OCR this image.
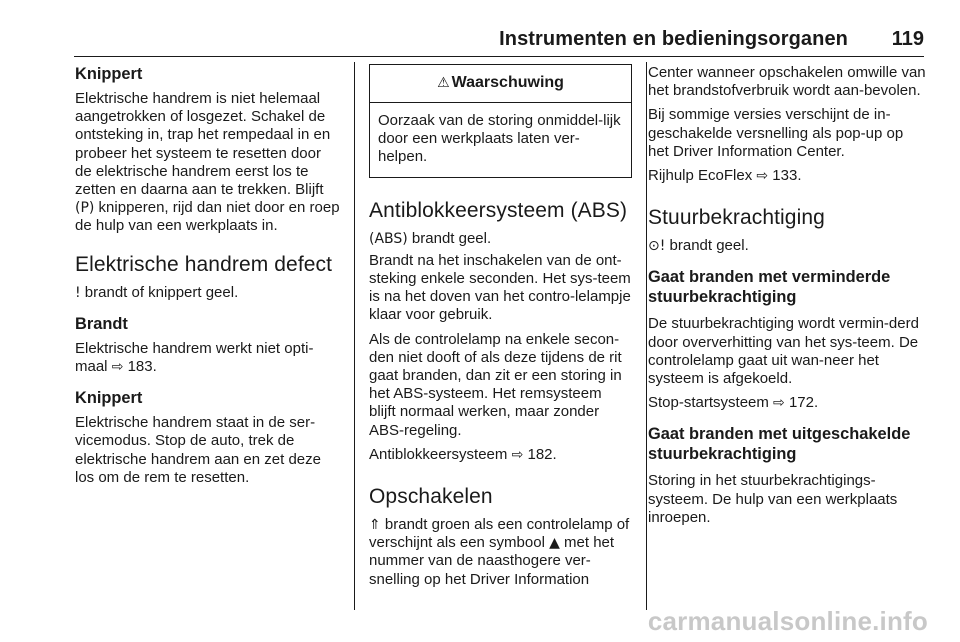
Instrumenten en bedieningsorganen 119
Knippert

Elektrische handrem is niet helemaal aangetrokken of losgezet. Schakel de ontsteking in, trap het rempedaal in en probeer het systeem te resetten door de elektrische handrem eerst los te zetten en daarna aan te trekken. Blijft (P) knipperen, rijd dan niet door en roep de hulp van een werkplaats in.

Elektrische handrem defect

! brandt of knippert geel.

Brandt

Elektrische handrem werkt niet opti-maal ⇨ 183.

Knippert

Elektrische handrem staat in de ser-vicemodus. Stop de auto, trek de elektrische handrem aan en zet deze los om de rem te resetten.

⚠ Waarschuwing
Oorzaak van de storing onmiddel-lijk door een werkplaats laten ver-helpen.
Antiblokkeersysteem (ABS)

(ABS) brandt geel.

Brandt na het inschakelen van de ont-steking enkele seconden. Het sys-teem is na het doven van het contro-lelampje klaar voor gebruik.

Als de controlelamp na enkele secon-den niet dooft of als deze tijdens de rit gaat branden, dan zit er een storing in het ABS-systeem. Het remsysteem blijft normaal werken, maar zonder ABS-regeling.

Antiblokkeersysteem ⇨ 182.

Opschakelen

⇑ brandt groen als een controlelamp of verschijnt als een symbool ▲ met het nummer van de naasthogere ver-snelling op het Driver Information

Center wanneer opschakelen omwille van het brandstofverbruik wordt aan-bevolen.

Bij sommige versies verschijnt de in-geschakelde versnelling als pop-up op het Driver Information Center.

Rijhulp EcoFlex ⇨ 133.

Stuurbekrachtiging

⊙! brandt geel.

Gaat branden met verminderde stuurbekrachtiging

De stuurbekrachtiging wordt vermin-derd door oververhitting van het sys-teem. De controlelamp gaat uit wan-neer het systeem is afgekoeld.

Stop-startsysteem ⇨ 172.

Gaat branden met uitgeschakelde stuurbekrachtiging

Storing in het stuurbekrachtigings-systeem. De hulp van een werkplaats inroepen.

carmanualsonline.info
